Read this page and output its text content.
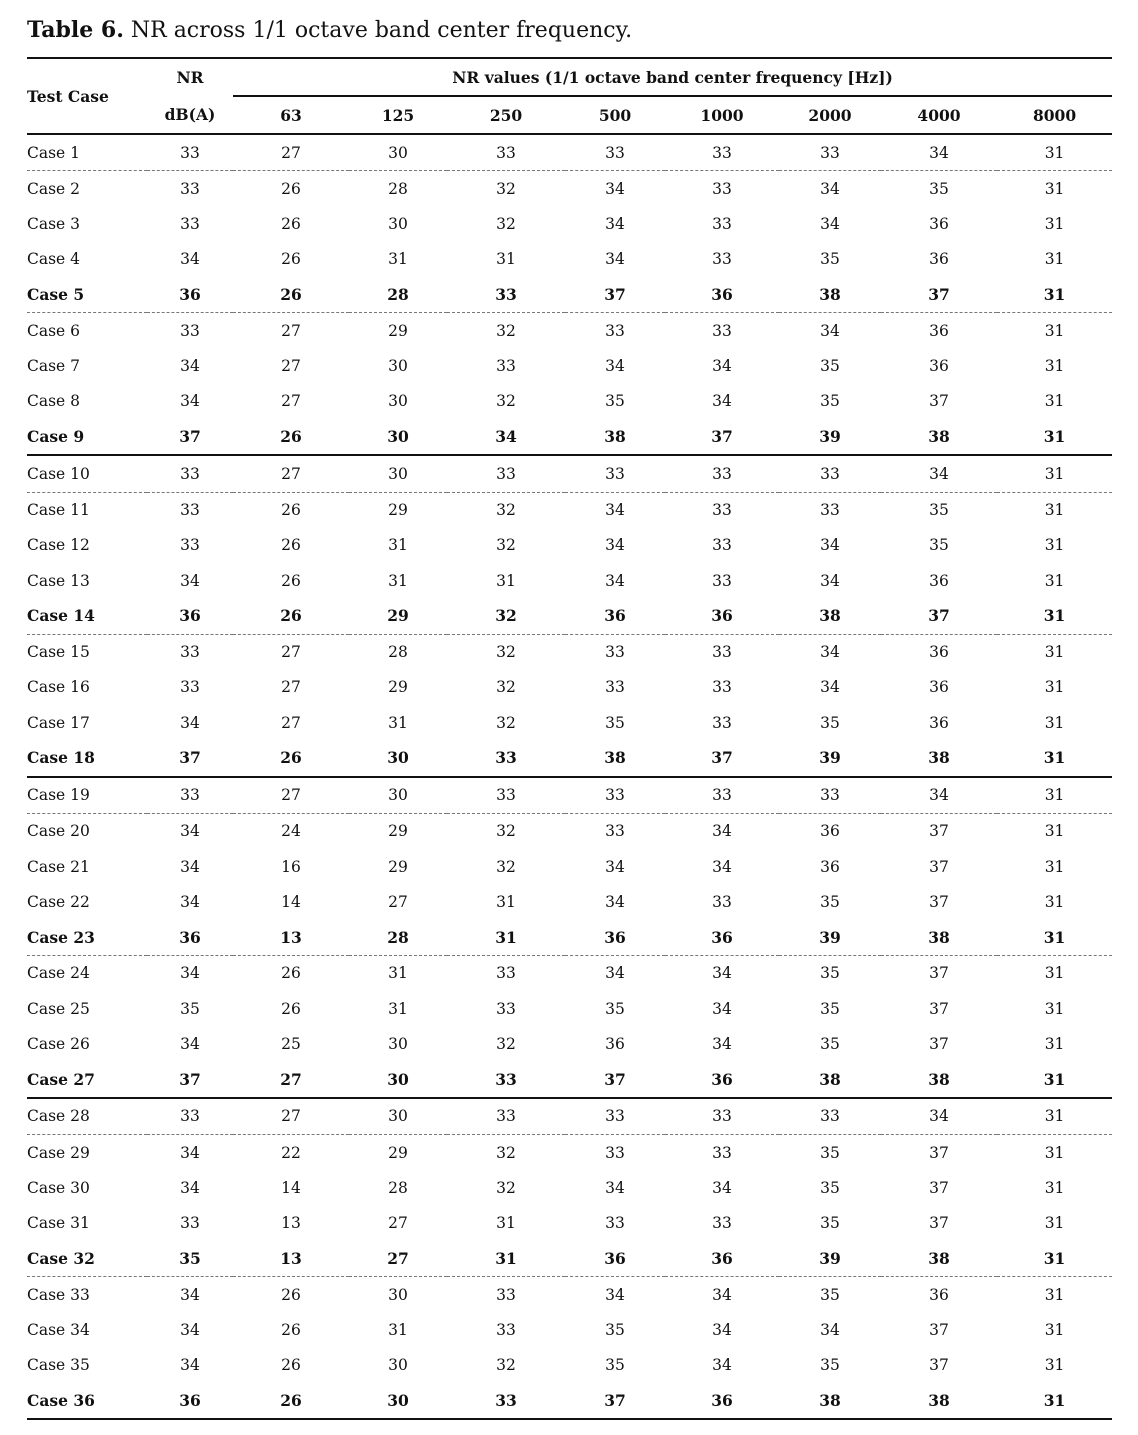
Table 6. NR across 1/1 octave band center frequency.
Test Case	NR	NR values (1/1 octave band center frequency [Hz])							
	dB(A)	63	125	250	500	1000	2000	4000	8000
Case 1	33	27	30	33	33	33	33	34	31
Case 2	33	26	28	32	34	33	34	35	31
Case 3	33	26	30	32	34	33	34	36	31
Case 4	34	26	31	31	34	33	35	36	31
Case 5	36	26	28	33	37	36	38	37	31
Case 6	33	27	29	32	33	33	34	36	31
Case 7	34	27	30	33	34	34	35	36	31
Case 8	34	27	30	32	35	34	35	37	31
Case 9	37	26	30	34	38	37	39	38	31
Case 10	33	27	30	33	33	33	33	34	31
Case 11	33	26	29	32	34	33	33	35	31
Case 12	33	26	31	32	34	33	34	35	31
Case 13	34	26	31	31	34	33	34	36	31
Case 14	36	26	29	32	36	36	38	37	31
Case 15	33	27	28	32	33	33	34	36	31
Case 16	33	27	29	32	33	33	34	36	31
Case 17	34	27	31	32	35	33	35	36	31
Case 18	37	26	30	33	38	37	39	38	31
Case 19	33	27	30	33	33	33	33	34	31
Case 20	34	24	29	32	33	34	36	37	31
Case 21	34	16	29	32	34	34	36	37	31
Case 22	34	14	27	31	34	33	35	37	31
Case 23	36	13	28	31	36	36	39	38	31
Case 24	34	26	31	33	34	34	35	37	31
Case 25	35	26	31	33	35	34	35	37	31
Case 26	34	25	30	32	36	34	35	37	31
Case 27	37	27	30	33	37	36	38	38	31
Case 28	33	27	30	33	33	33	33	34	31
Case 29	34	22	29	32	33	33	35	37	31
Case 30	34	14	28	32	34	34	35	37	31
Case 31	33	13	27	31	33	33	35	37	31
Case 32	35	13	27	31	36	36	39	38	31
Case 33	34	26	30	33	34	34	35	36	31
Case 34	34	26	31	33	35	34	34	37	31
Case 35	34	26	30	32	35	34	35	37	31
Case 36	36	26	30	33	37	36	38	38	31
